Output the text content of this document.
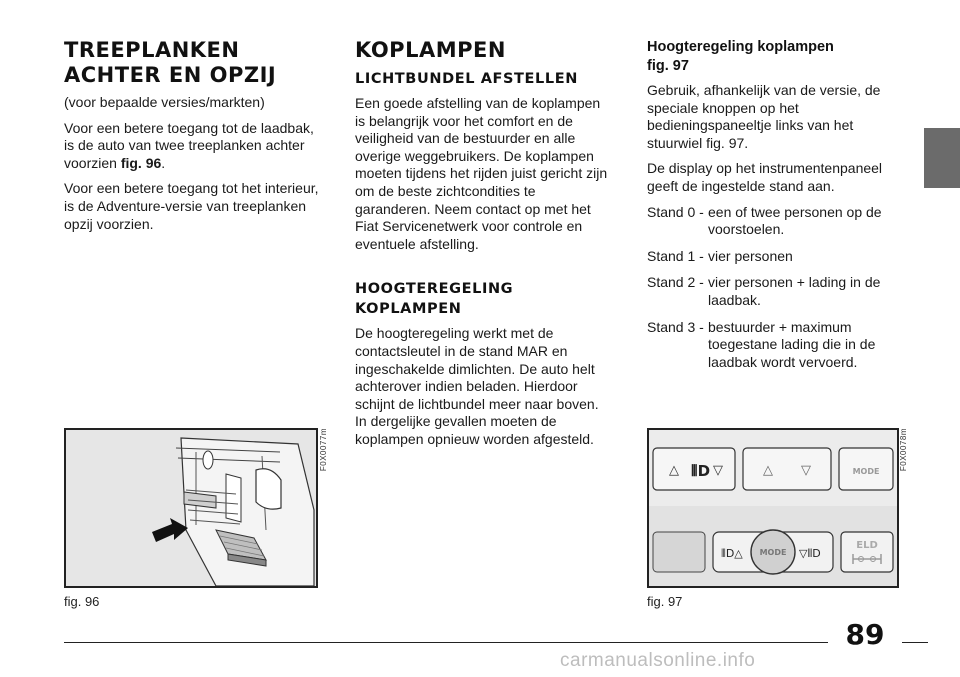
89
carmanualsonline.info
TREEPLANKEN
ACHTER EN OPZIJ
(voor bepaalde versies/markten)
Voor een betere toegang tot de laadbak, is de auto van twee treeplanken achter voorzien fig. 96.
Voor een betere toegang tot het interieur, is de Adventure-versie van treeplanken opzij voorzien.
KOPLAMPEN
LICHTBUNDEL AFSTELLEN
Een goede afstelling van de koplampen is belangrijk voor het comfort en de veiligheid van de bestuurder en alle overige weggebruikers. De koplampen moeten tijdens het rijden juist gericht zijn om de beste zichtcondities te garanderen. Neem contact op met het Fiat Servicenetwerk voor controle en eventuele afstelling.
HOOGTEREGELING
KOPLAMPEN
De hoogteregeling werkt met de contactsleutel in de stand MAR en ingeschakelde dimlichten. De auto helt achterover indien beladen. Hierdoor schijnt de lichtbundel meer naar boven. In dergelijke gevallen moeten de koplampen opnieuw worden afgesteld.
Hoogteregeling koplampen
fig. 97
Gebruik, afhankelijk van de versie, de speciale knoppen op het bedieningspaneeltje links van het stuurwiel fig. 97.
De display op het instrumentenpaneel geeft de ingestelde stand aan.
Stand 0 - een of twee personen op de voorstoelen.
Stand 1 - vier personen
Stand 2 - vier personen + lading in de laadbak.
Stand 3 - bestuurder + maximum toegestane lading die in de laadbak wordt vervoerd.
fig. 96
F0X0077m	△ ⦀D ▽	△ ▽	MODE
MODE
⦀D△	▽⦀D
ELD
fig. 97
F0X0078m
